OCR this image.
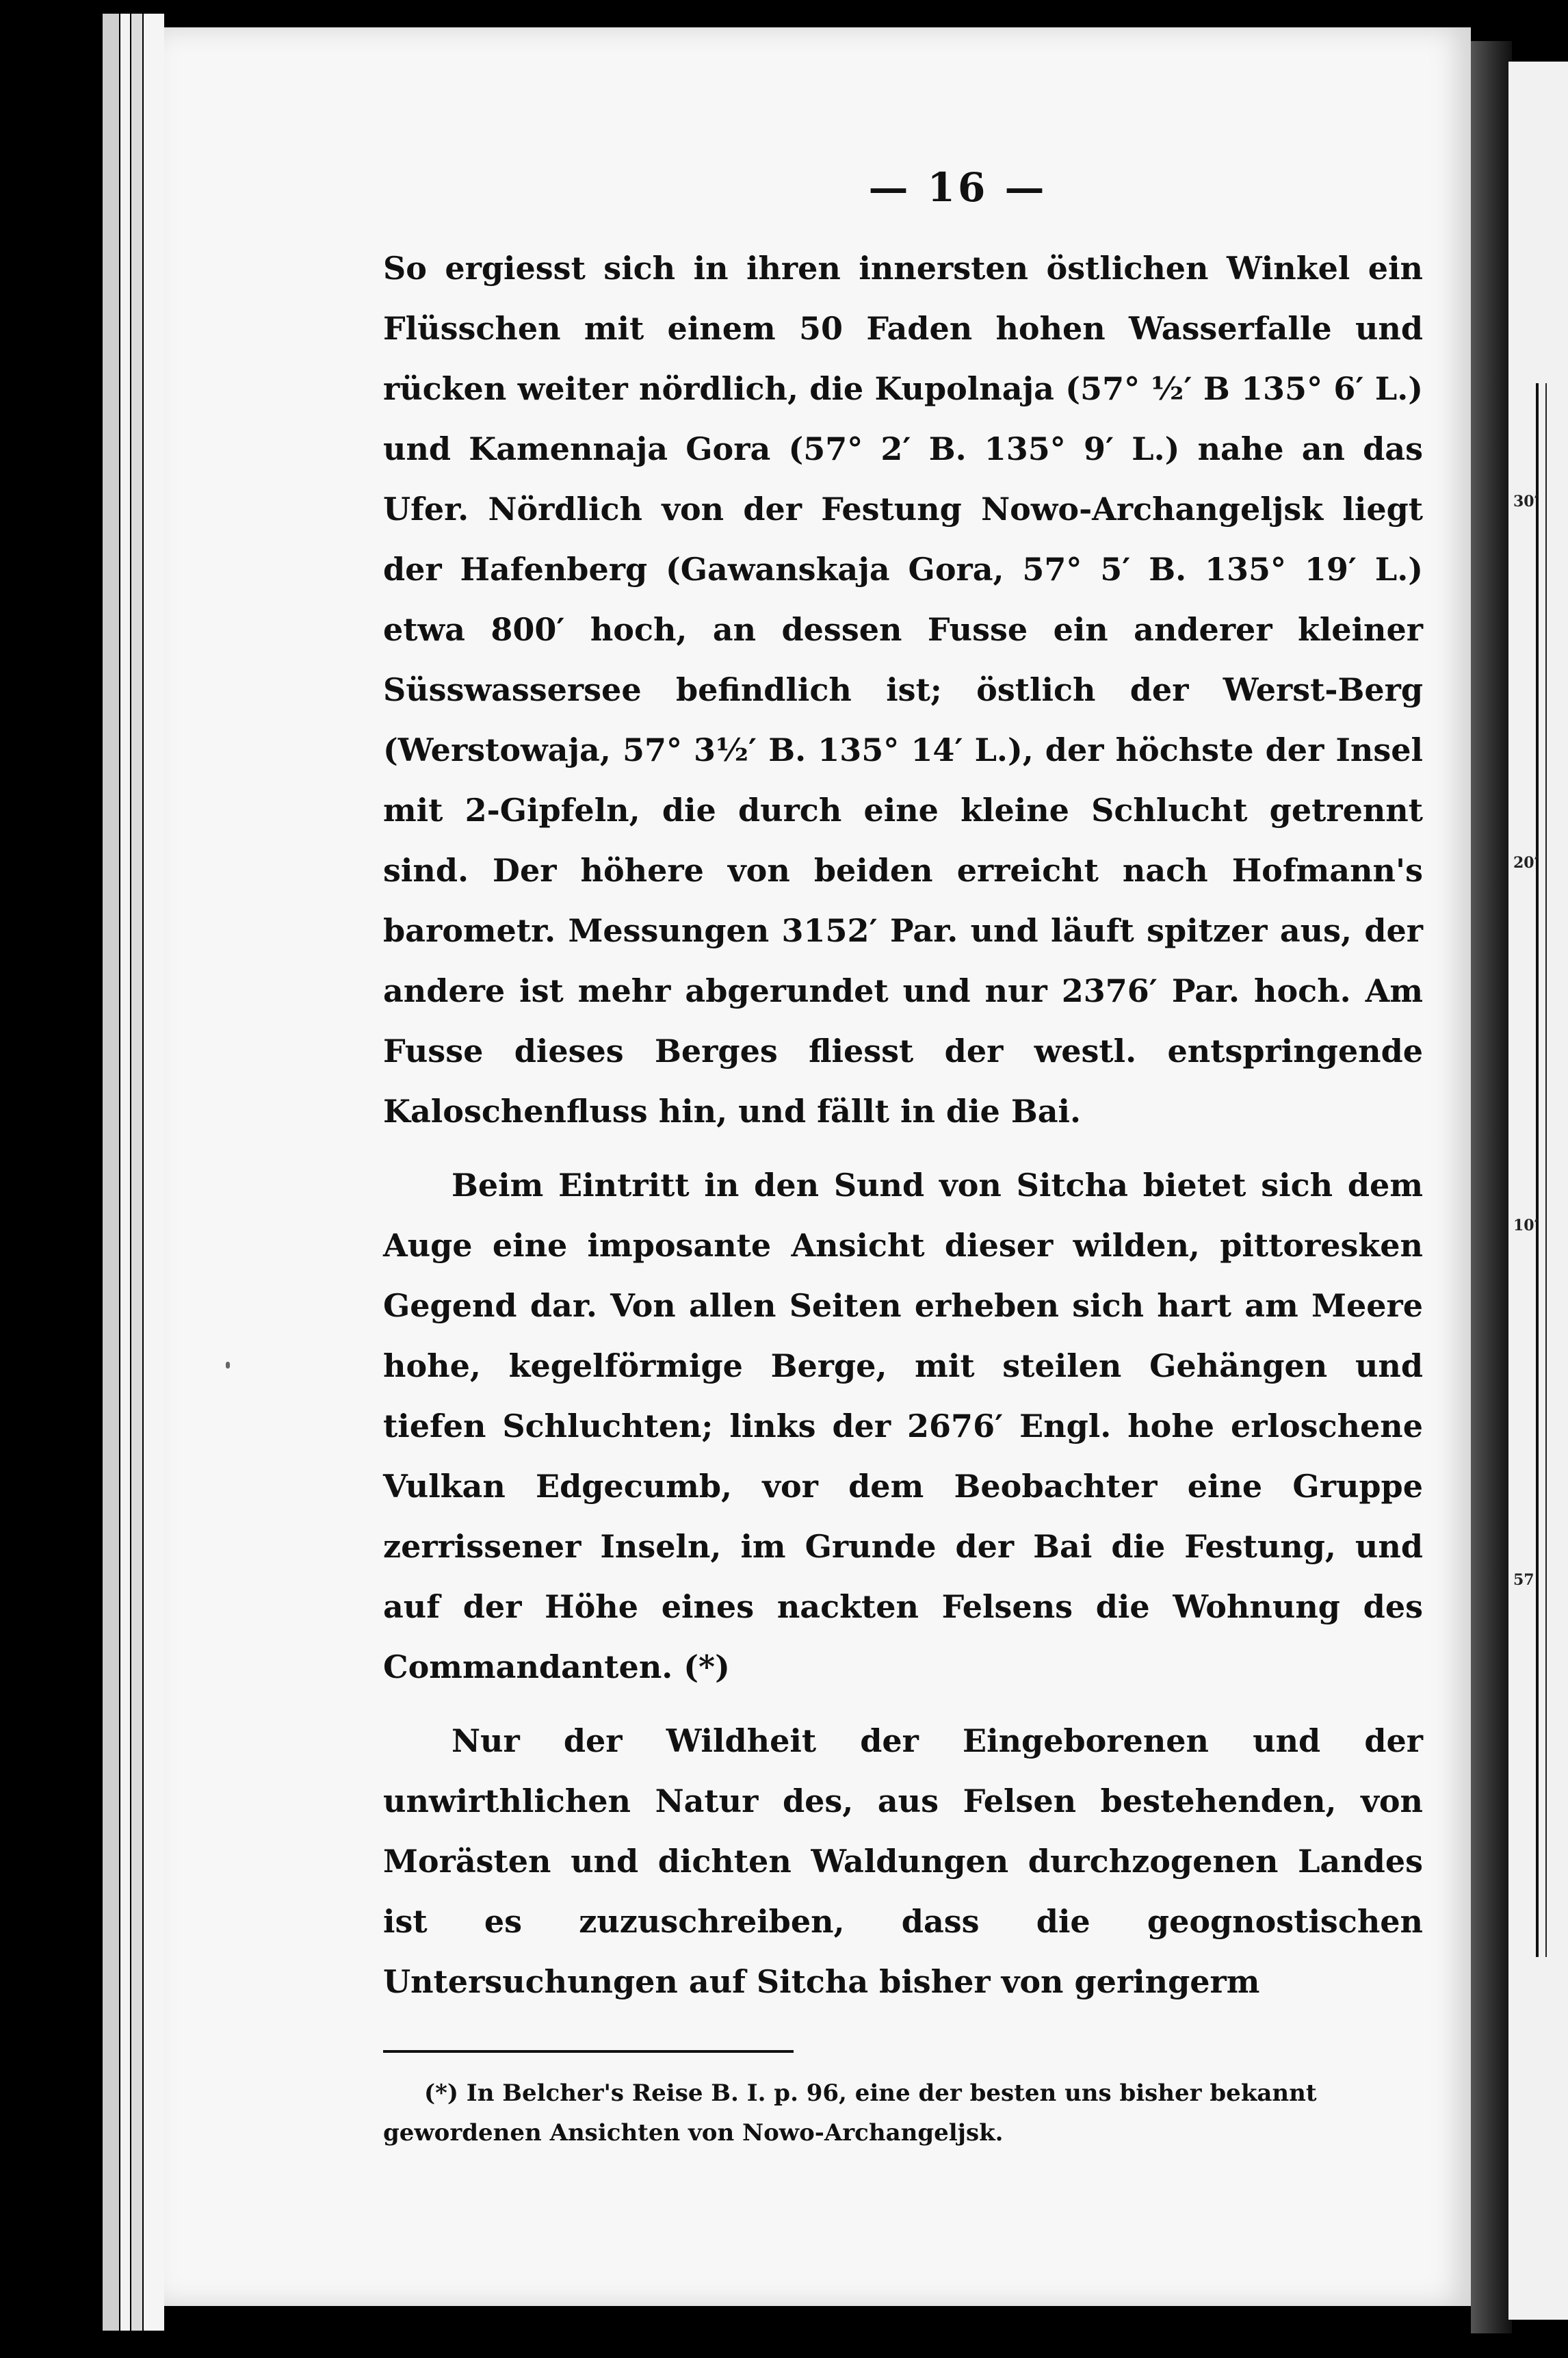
30′
20′
10′
57
— 16 —

So ergiesst sich in ihren innersten östlichen Winkel ein Flüsschen mit einem 50 Faden hohen Wasserfalle und rücken weiter nördlich, die Kupolnaja (57° ½′ B 135° 6′ L.) und Kamennaja Gora (57° 2′ B. 135° 9′ L.) nahe an das Ufer. Nördlich von der Festung Nowo-Archangeljsk liegt der Hafenberg (Gawanskaja Gora, 57° 5′ B. 135° 19′ L.) etwa 800′ hoch, an dessen Fusse ein anderer kleiner Süsswassersee befindlich ist; östlich der Werst-Berg (Werstowaja, 57° 3½′ B. 135° 14′ L.), der höchste der Insel mit 2-Gipfeln, die durch eine kleine Schlucht getrennt sind. Der höhere von beiden erreicht nach Hofmann's barometr. Messungen 3152′ Par. und läuft spitzer aus, der andere ist mehr abgerundet und nur 2376′ Par. hoch. Am Fusse dieses Berges fliesst der westl. entspringende Kaloschenfluss hin, und fällt in die Bai.

Beim Eintritt in den Sund von Sitcha bietet sich dem Auge eine imposante Ansicht dieser wilden, pittoresken Gegend dar. Von allen Seiten erheben sich hart am Meere hohe, kegelförmige Berge, mit steilen Gehängen und tiefen Schluchten; links der 2676′ Engl. hohe erloschene Vulkan Edgecumb, vor dem Beobachter eine Gruppe zerrissener Inseln, im Grunde der Bai die Festung, und auf der Höhe eines nackten Felsens die Wohnung des Commandanten. (*)

Nur der Wildheit der Eingeborenen und der unwirthlichen Natur des, aus Felsen bestehenden, von Morästen und dichten Waldungen durchzogenen Landes ist es zuzuschreiben, dass die geognostischen Untersuchungen auf Sitcha bisher von geringerm

(*) In Belcher's Reise B. I. p. 96, eine der besten uns bisher bekannt gewordenen Ansichten von Nowo-Archangeljsk.
